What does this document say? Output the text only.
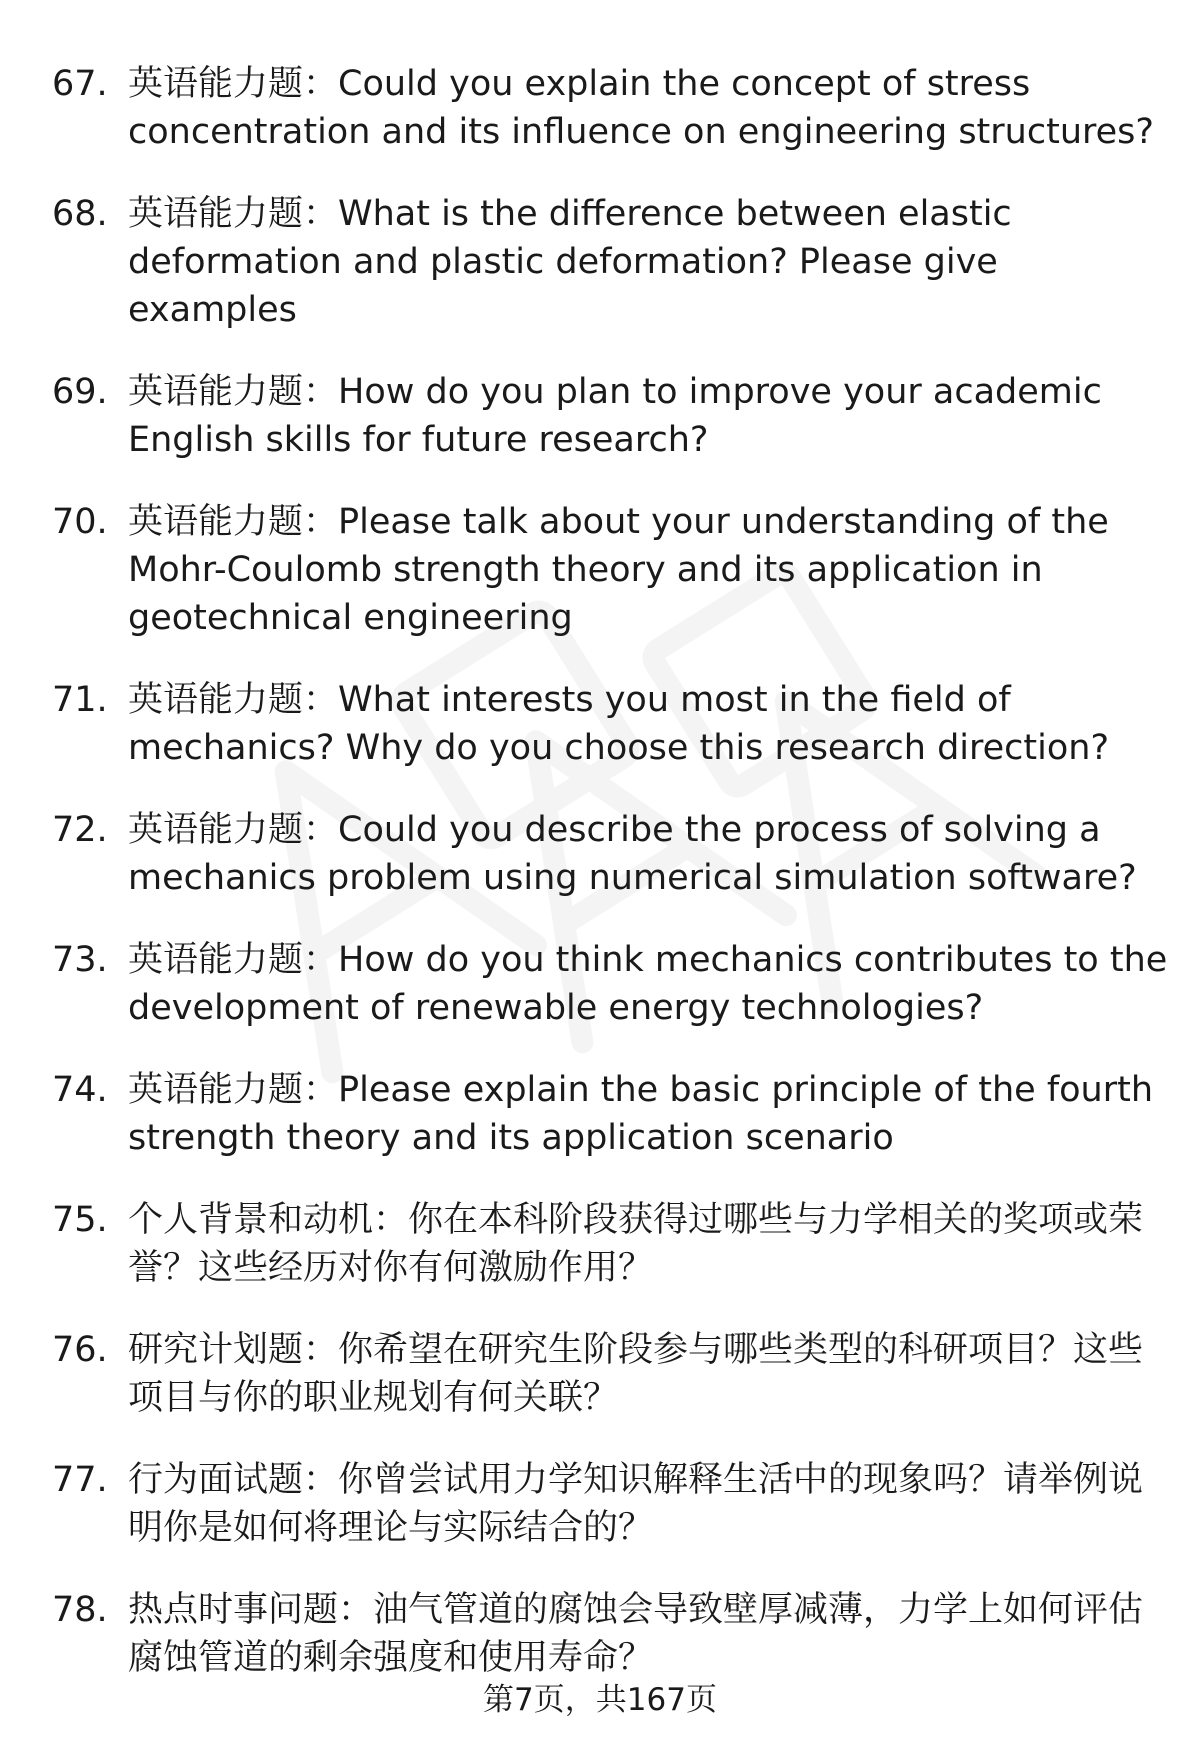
67. 英语能力题：Could you explain the concept of stress concentration and its influence on engineering structures?
68. 英语能力题：What is the difference between elastic deformation and plastic deformation? Please give examples
69. 英语能力题：How do you plan to improve your academic English skills for future research?
70. 英语能力题：Please talk about your understanding of the Mohr-Coulomb strength theory and its application in geotechnical engineering
71. 英语能力题：What interests you most in the field of mechanics? Why do you choose this research direction?
72. 英语能力题：Could you describe the process of solving a mechanics problem using numerical simulation software?
73. 英语能力题：How do you think mechanics contributes to the development of renewable energy technologies?
74. 英语能力题：Please explain the basic principle of the fourth strength theory and its application scenario
75. 个人背景和动机：你在本科阶段获得过哪些与力学相关的奖项或荣誉？这些经历对你有何激励作用？
76. 研究计划题：你希望在研究生阶段参与哪些类型的科研项目？这些项目与你的职业规划有何关联？
77. 行为面试题：你曾尝试用力学知识解释生活中的现象吗？请举例说明你是如何将理论与实际结合的？
78. 热点时事问题：油气管道的腐蚀会导致壁厚减薄，力学上如何评估腐蚀管道的剩余强度和使用寿命？
第7页，共167页
